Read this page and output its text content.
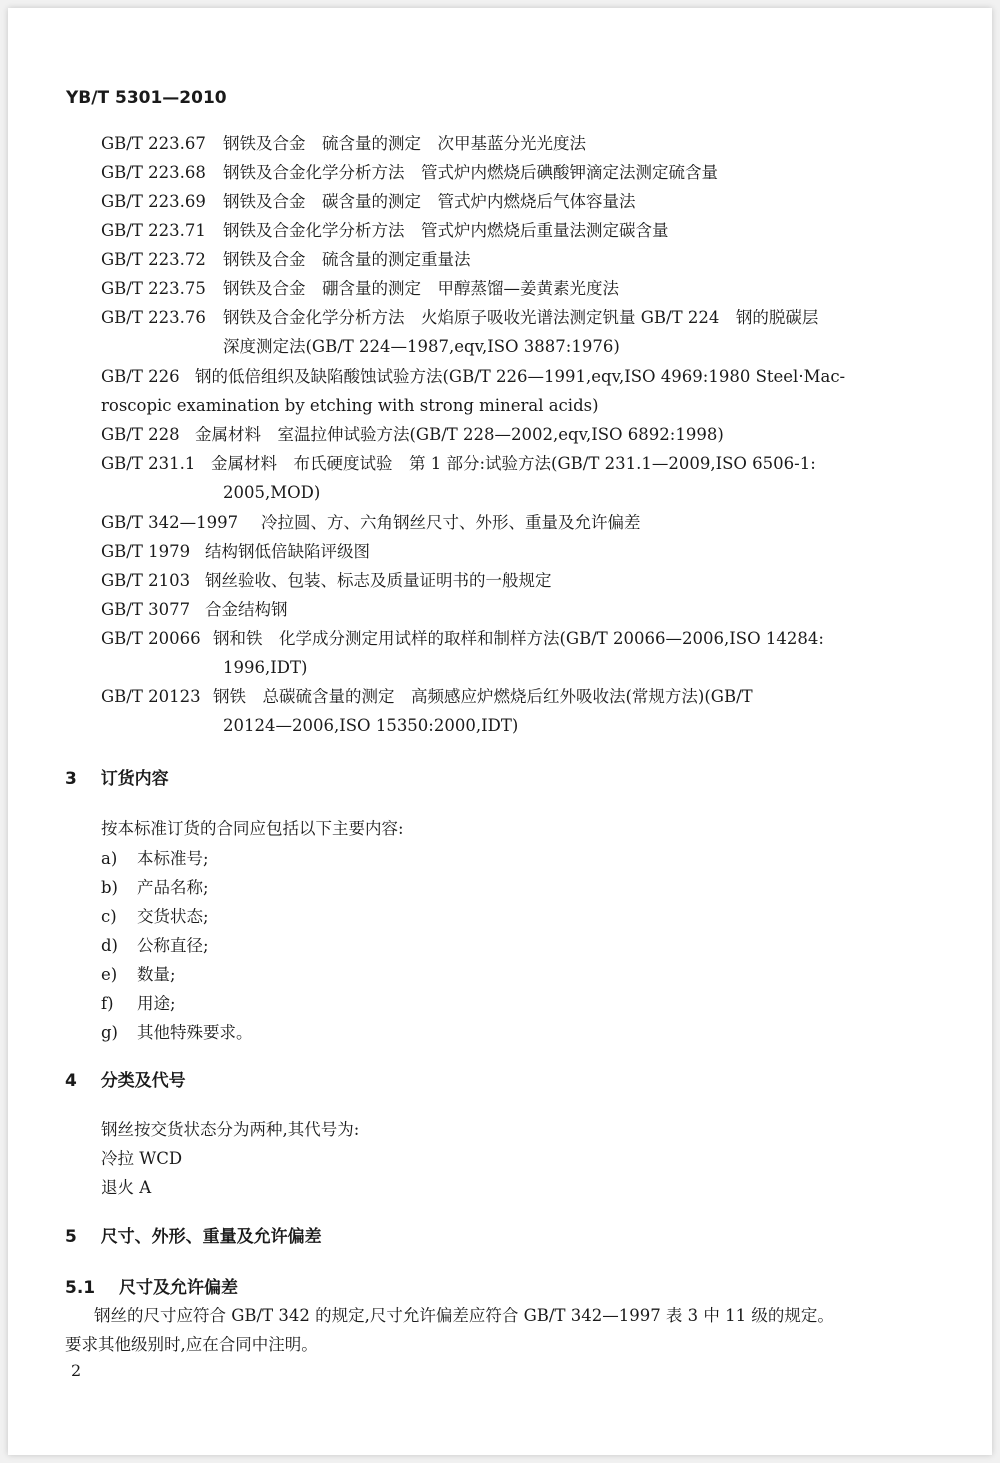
YB/T 5301—2010
GB/T 223.67 钢铁及合金　硫含量的测定　次甲基蓝分光光度法
GB/T 223.68 钢铁及合金化学分析方法　管式炉内燃烧后碘酸钾滴定法测定硫含量
GB/T 223.69 钢铁及合金　碳含量的测定　管式炉内燃烧后气体容量法
GB/T 223.71 钢铁及合金化学分析方法　管式炉内燃烧后重量法测定碳含量
GB/T 223.72 钢铁及合金　硫含量的测定重量法
GB/T 223.75 钢铁及合金　硼含量的测定　甲醇蒸馏—姜黄素光度法
GB/T 223.76 钢铁及合金化学分析方法　火焰原子吸收光谱法测定钒量 GB/T 224　钢的脱碳层
深度测定法(GB/T 224—1987,eqv,ISO 3887:1976)
GB/T 226 钢的低倍组织及缺陷酸蚀试验方法(GB/T 226—1991,eqv,ISO 4969:1980 Steel·Mac-
roscopic examination by etching with strong mineral acids)
GB/T 228 金属材料　室温拉伸试验方法(GB/T 228—2002,eqv,ISO 6892:1998)
GB/T 231.1 金属材料　布氏硬度试验　第 1 部分:试验方法(GB/T 231.1—2009,ISO 6506-1:
2005,MOD)
GB/T 342—1997 冷拉圆、方、六角钢丝尺寸、外形、重量及允许偏差
GB/T 1979 结构钢低倍缺陷评级图
GB/T 2103 钢丝验收、包装、标志及质量证明书的一般规定
GB/T 3077 合金结构钢
GB/T 20066 钢和铁　化学成分测定用试样的取样和制样方法(GB/T 20066—2006,ISO 14284:
1996,IDT)
GB/T 20123 钢铁　总碳硫含量的测定　高频感应炉燃烧后红外吸收法(常规方法)(GB/T
20124—2006,ISO 15350:2000,IDT)
3 订货内容
按本标准订货的合同应包括以下主要内容:
a) 本标准号;
b) 产品名称;
c) 交货状态;
d) 公称直径;
e) 数量;
f) 用途;
g) 其他特殊要求。
4 分类及代号
钢丝按交货状态分为两种,其代号为:
冷拉 WCD
退火 A
5 尺寸、外形、重量及允许偏差
5.1 尺寸及允许偏差
钢丝的尺寸应符合 GB/T 342 的规定,尺寸允许偏差应符合 GB/T 342—1997 表 3 中 11 级的规定。
要求其他级别时,应在合同中注明。
2
